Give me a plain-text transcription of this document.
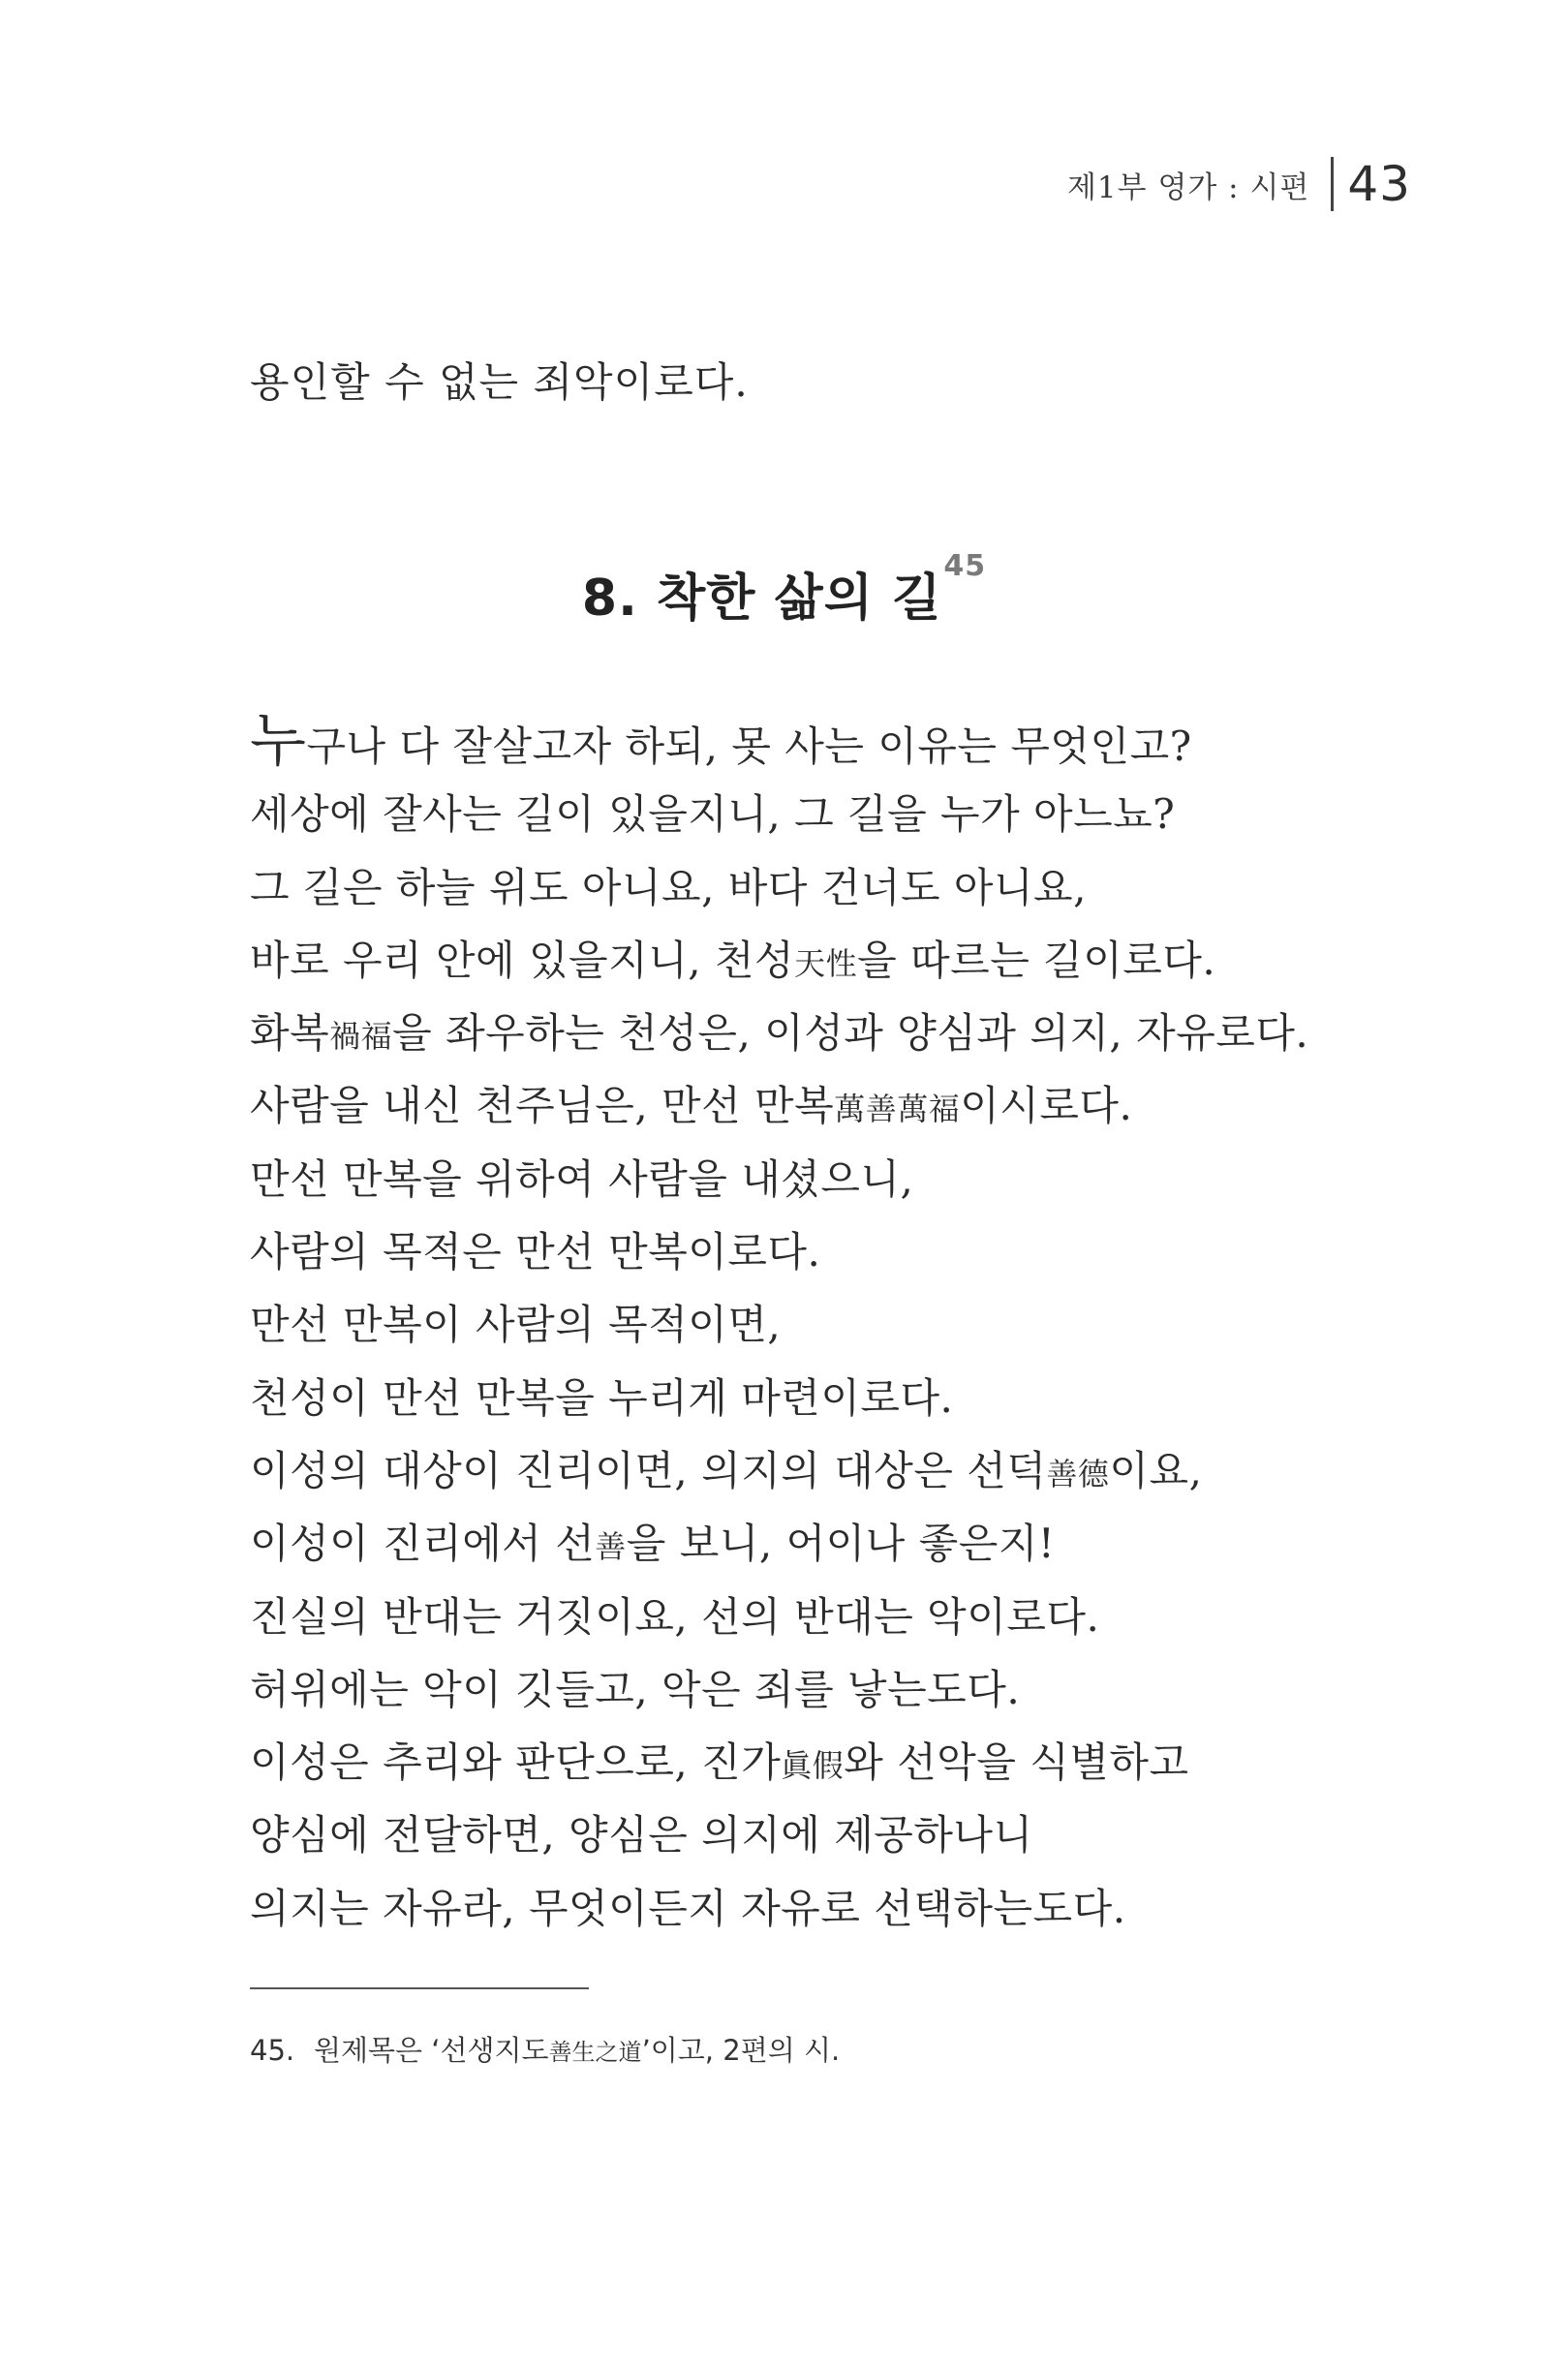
제1부 영가 : 시편 43
용인할 수 없는 죄악이로다.
8. 착한 삶의 길$^{45}$
누구나 다 잘살고자 하되, 못 사는 이유는 무엇인고?
세상에 잘사는 길이 있을지니, 그 길을 누가 아느뇨?
그 길은 하늘 위도 아니요, 바다 건너도 아니요,
바로 우리 안에 있을지니, 천성天性을 따르는 길이로다.
화복禍福을 좌우하는 천성은, 이성과 양심과 의지, 자유로다.
사람을 내신 천주님은, 만선 만복萬善萬福이시로다.
만선 만복을 위하여 사람을 내셨으니,
사람의 목적은 만선 만복이로다.
만선 만복이 사람의 목적이면,
천성이 만선 만복을 누리게 마련이로다.
이성의 대상이 진리이면, 의지의 대상은 선덕善德이요,
이성이 진리에서 선善을 보니, 어이나 좋은지!
진실의 반대는 거짓이요, 선의 반대는 악이로다.
허위에는 악이 깃들고, 악은 죄를 낳는도다.
이성은 추리와 판단으로, 진가眞假와 선악을 식별하고
양심에 전달하면, 양심은 의지에 제공하나니
의지는 자유라, 무엇이든지 자유로 선택하는도다.
45. 원제목은 ‘선생지도善生之道’이고, 2편의 시.
